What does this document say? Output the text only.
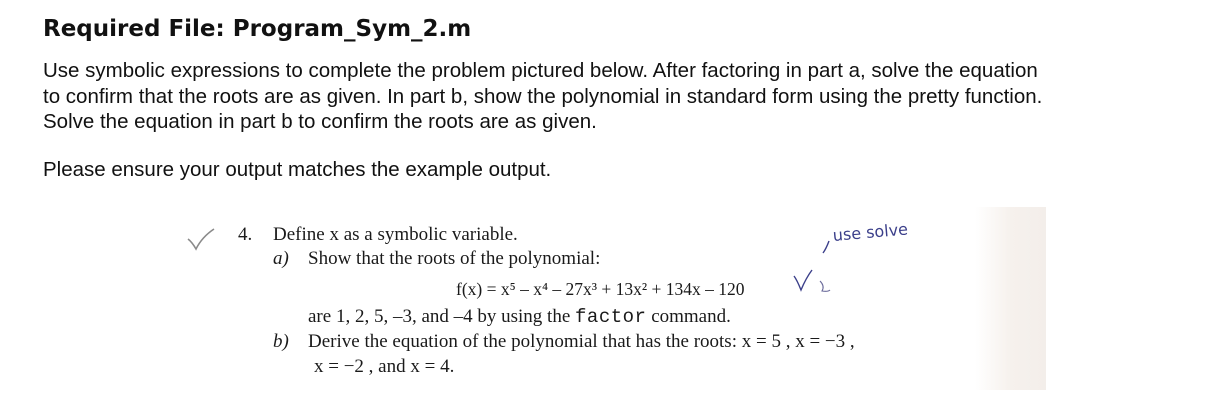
Required File: Program_Sym_2.m
Use symbolic expressions to complete the problem pictured below. After factoring in part a, solve the equation
to confirm that the roots are as given. In part b, show the polynomial in standard form using the pretty function.
Solve the equation in part b to confirm the roots are as given.
Please ensure your output matches the example output.
4. Define x as a symbolic variable.
a) Show that the roots of the polynomial:
f(x) = x⁵ – x⁴ – 27x³ + 13x² + 134x – 120
are 1, 2, 5, –3, and –4 by using the factor command.
b) Derive the equation of the polynomial that has the roots: x = 5 , x = −3 ,
x = −2 , and x = 4.
use solve
